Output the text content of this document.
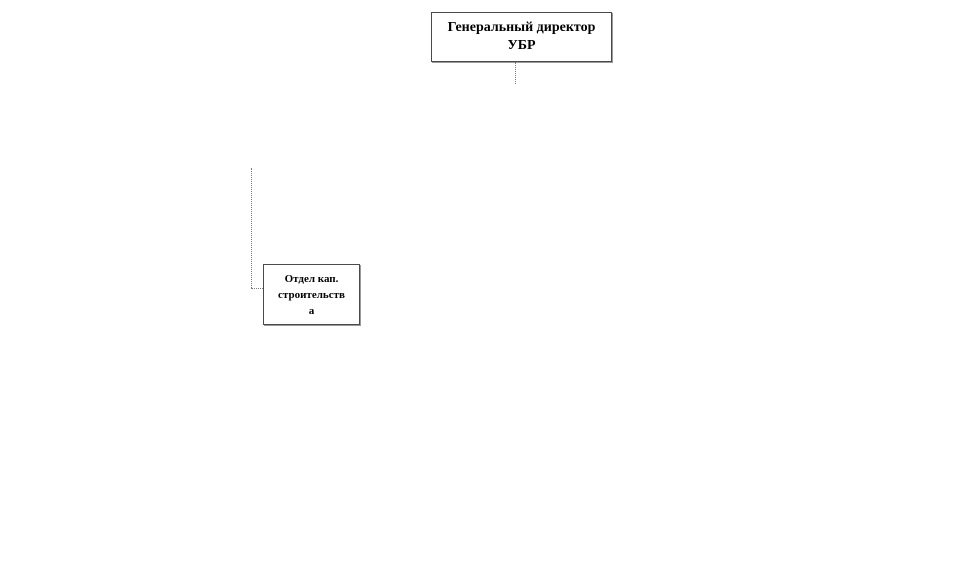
Генеральный директор
УБР
Отдел кап.
строительств
а
